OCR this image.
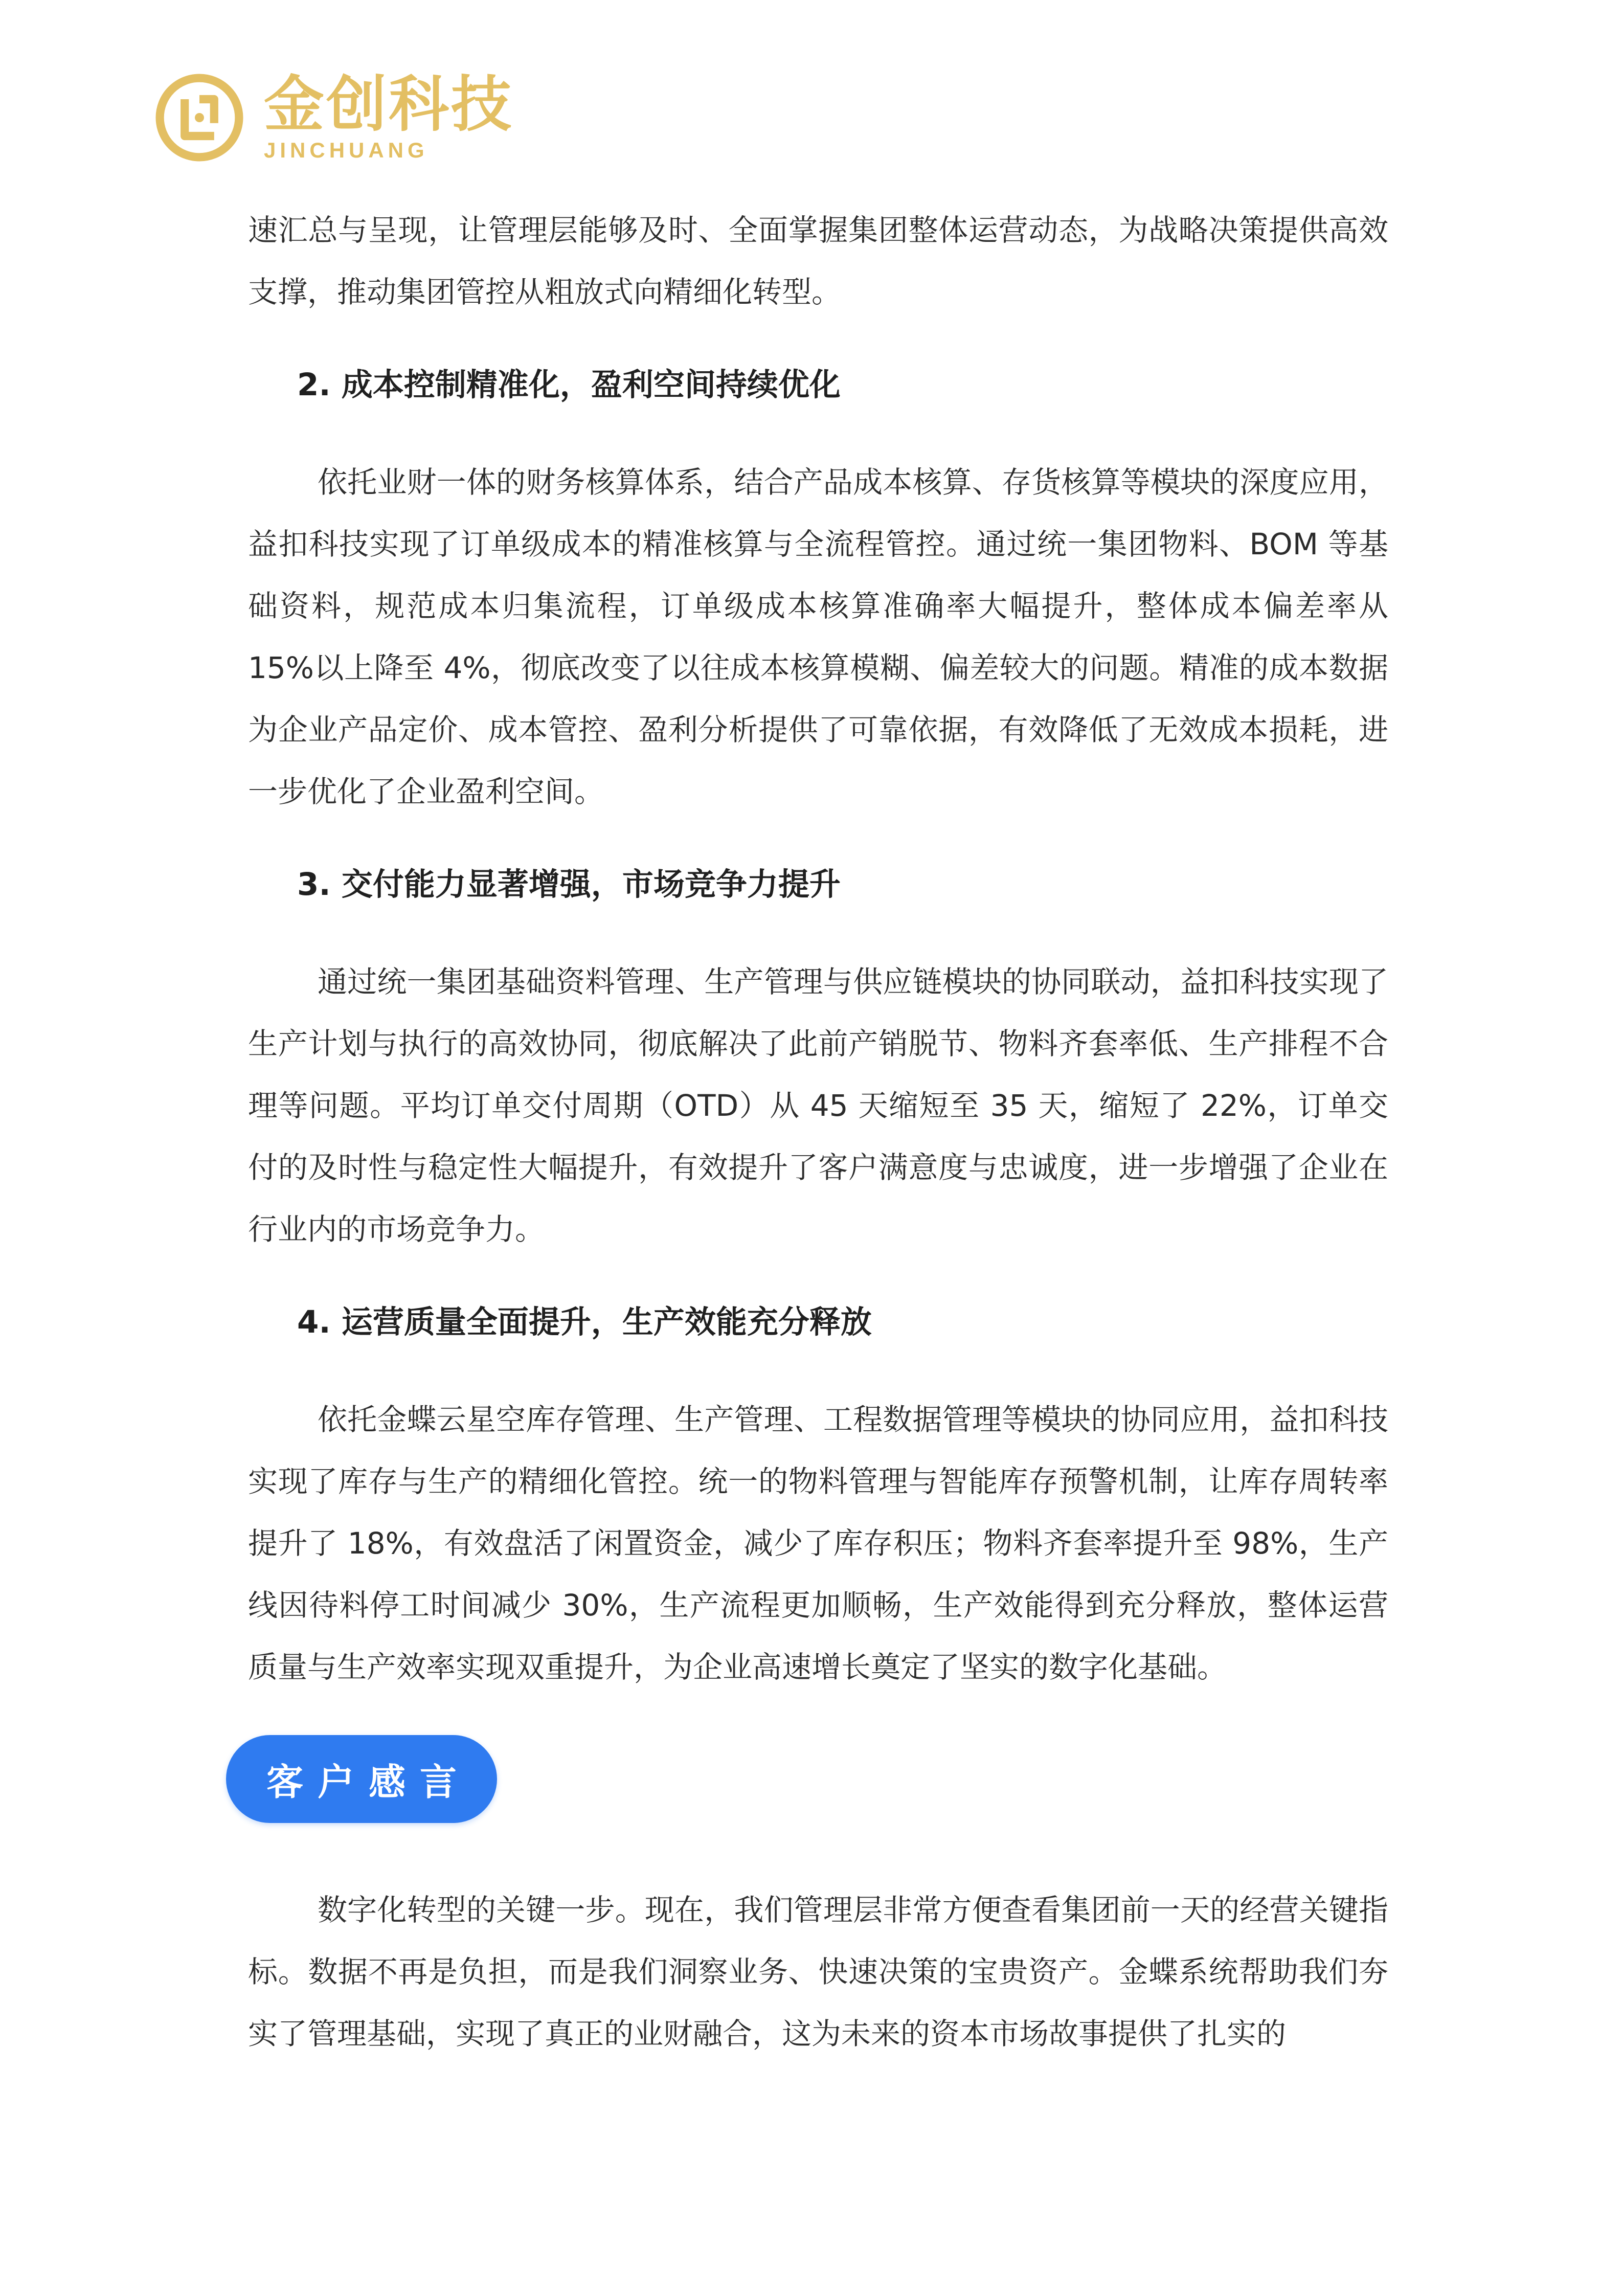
金创科技
JINCHUANG

速汇总与呈现，让管理层能够及时、全面掌握集团整体运营动态，为战略决策提供高效支撑，推动集团管控从粗放式向精细化转型。

2. 成本控制精准化，盈利空间持续优化

依托业财一体的财务核算体系，结合产品成本核算、存货核算等模块的深度应用，益扣科技实现了订单级成本的精准核算与全流程管控。通过统一集团物料、BOM 等基础资料，规范成本归集流程，订单级成本核算准确率大幅提升，整体成本偏差率从 15%以上降至 4%，彻底改变了以往成本核算模糊、偏差较大的问题。精准的成本数据为企业产品定价、成本管控、盈利分析提供了可靠依据，有效降低了无效成本损耗，进一步优化了企业盈利空间。

3. 交付能力显著增强，市场竞争力提升

通过统一集团基础资料管理、生产管理与供应链模块的协同联动，益扣科技实现了生产计划与执行的高效协同，彻底解决了此前产销脱节、物料齐套率低、生产排程不合理等问题。平均订单交付周期（OTD）从 45 天缩短至 35 天，缩短了 22%，订单交付的及时性与稳定性大幅提升，有效提升了客户满意度与忠诚度，进一步增强了企业在行业内的市场竞争力。

4. 运营质量全面提升，生产效能充分释放

依托金蝶云星空库存管理、生产管理、工程数据管理等模块的协同应用，益扣科技实现了库存与生产的精细化管控。统一的物料管理与智能库存预警机制，让库存周转率提升了 18%，有效盘活了闲置资金，减少了库存积压；物料齐套率提升至 98%，生产线因待料停工时间减少 30%，生产流程更加顺畅，生产效能得到充分释放，整体运营质量与生产效率实现双重提升，为企业高速增长奠定了坚实的数字化基础。

客户感言

数字化转型的关键一步。现在，我们管理层非常方便查看集团前一天的经营关键指标。数据不再是负担，而是我们洞察业务、快速决策的宝贵资产。金蝶系统帮助我们夯实了管理基础，实现了真正的业财融合，这为未来的资本市场故事提供了扎实的
